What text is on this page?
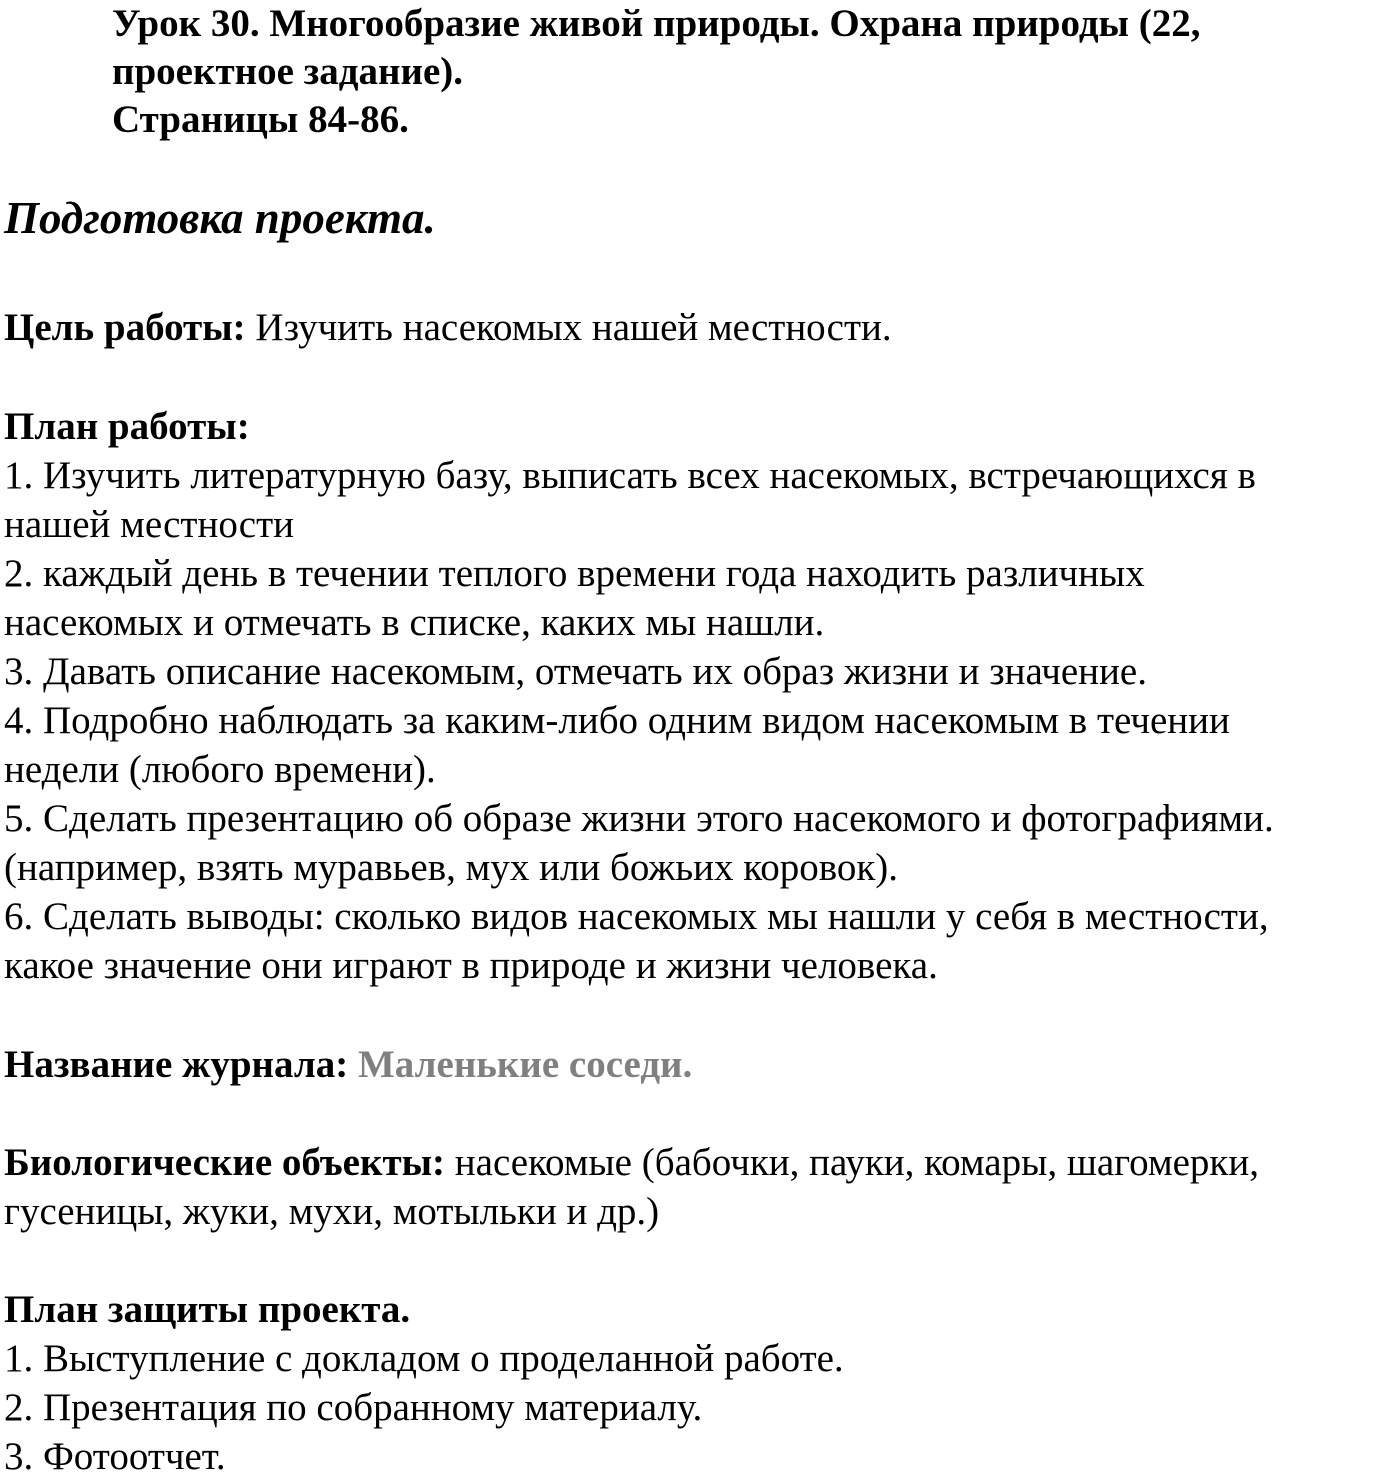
Урок 30. Многообразие живой природы. Охрана природы (22,
проектное задание).
Страницы 84-86.
Подготовка проекта.
Цель работы: Изучить насекомых нашей местности.
План работы:
1. Изучить литературную базу, выписать всех насекомых, встречающихся в
нашей местности
2. каждый день в течении теплого времени года находить различных
насекомых и отмечать в списке, каких мы нашли.
3. Давать описание насекомым, отмечать их образ жизни и значение.
4. Подробно наблюдать за каким-либо одним видом насекомым в течении
недели (любого времени).
5. Сделать презентацию об образе жизни этого насекомого и фотографиями.
(например, взять муравьев, мух или божьих коровок).
6. Сделать выводы: сколько видов насекомых мы нашли у себя в местности,
какое значение они играют в природе и жизни человека.
Название журнала: Маленькие соседи.
Биологические объекты: насекомые (бабочки, пауки, комары, шагомерки,
гусеницы, жуки, мухи, мотыльки и др.)
План защиты проекта.
1. Выступление с докладом о проделанной работе.
2. Презентация по собранному материалу.
3. Фотоотчет.
